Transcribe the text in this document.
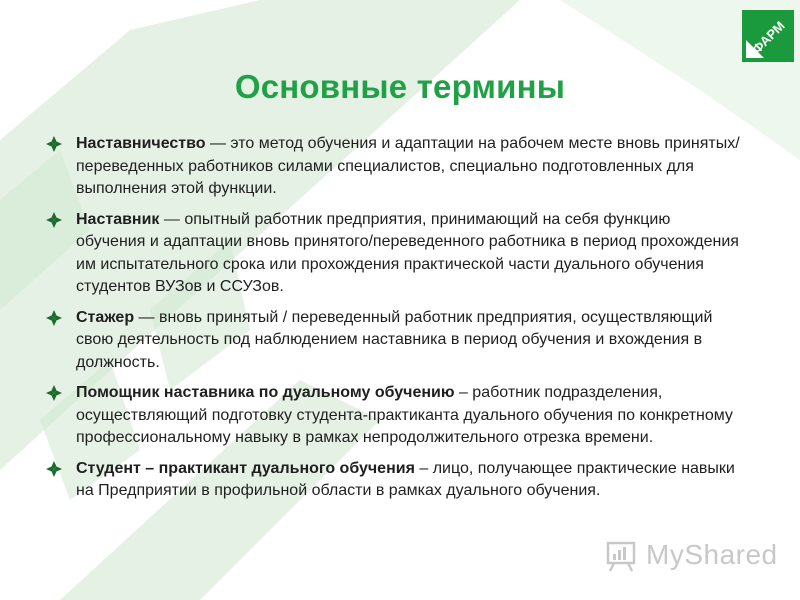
ФАРМ
Основные термины
Наставничество — это метод обучения и адаптации на рабочем месте вновь принятых/переведенных работников силами специалистов, специально подготовленных для выполнения этой функции.
Наставник — опытный работник предприятия, принимающий на себя функцию обучения и адаптации вновь принятого/переведенного работника в период прохождения им испытательного срока или прохождения практической части дуального обучения студентов ВУЗов и ССУЗов.
Стажер — вновь принятый / переведенный работник предприятия, осуществляющий свою деятельность под наблюдением наставника в период обучения и вхождения в должность.
Помощник наставника по дуальному обучению – работник подразделения, осуществляющий подготовку студента-практиканта дуального обучения по конкретному профессиональному навыку в рамках непродолжительного отрезка времени.
Студент – практикант дуального обучения – лицо, получающее практические навыки на Предприятии в профильной области в рамках дуального обучения.
MyShared
